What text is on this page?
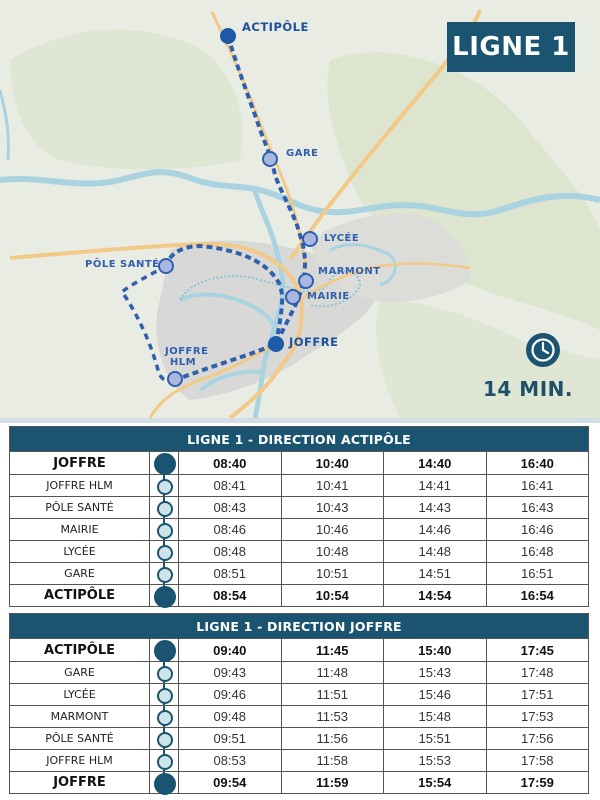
ACTIPÔLE
GARE
LYCÉE
MARMONT
MAIRIE
JOFFRE
PÔLE SANTÉ
JOFFRE
HLM
LIGNE 1
14 MIN.
LIGNE 1 - DIRECTION ACTIPÔLE
JOFFRE	08:40	10:40	14:40	16:40
JOFFRE HLM	08:41	10:41	14:41	16:41
PÔLE SANTÉ	08:43	10:43	14:43	16:43
MAIRIE	08:46	10:46	14:46	16:46
LYCÉE	08:48	10:48	14:48	16:48
GARE	08:51	10:51	14:51	16:51
ACTIPÔLE	08:54	10:54	14:54	16:54
LIGNE 1 - DIRECTION JOFFRE
ACTIPÔLE	09:40	11:45	15:40	17:45
GARE	09:43	11:48	15:43	17:48
LYCÉE	09:46	11:51	15:46	17:51
MARMONT	09:48	11:53	15:48	17:53
PÔLE SANTÉ	09:51	11:56	15:51	17:56
JOFFRE HLM	08:53	11:58	15:53	17:58
JOFFRE	09:54	11:59	15:54	17:59
